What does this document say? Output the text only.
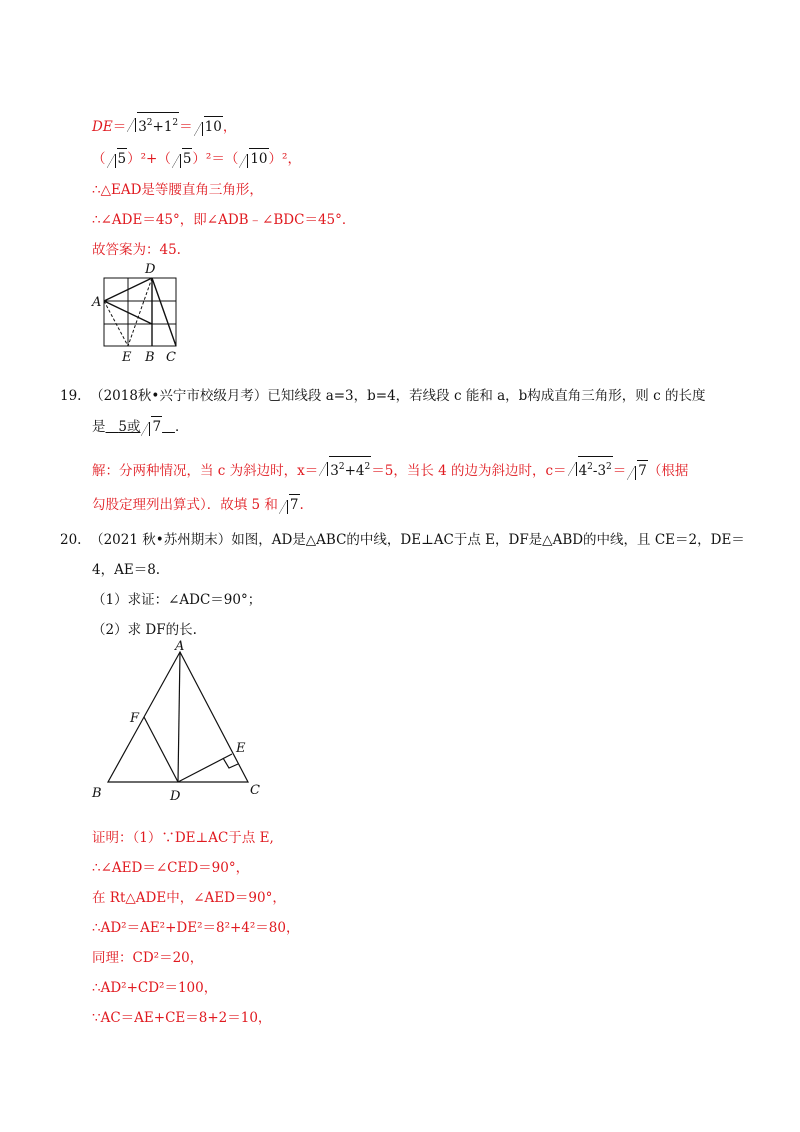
$DE= 3^2+1^2= 10$，
（ 5）²+（ 5）²＝（ 10）²，
∴△EAD是等腰直角三角形，
∴∠ADE＝45°，即∠ADB﹣∠BDC＝45°．
故答案为：45.
A
D
E B C
19. （2018秋•兴宁市校级月考）已知线段 a=3，b=4，若线段 c 能和 a，b构成直角三角形，则 c 的长度
是 5或 7 ．
解：分两种情况，当 c 为斜边时，$x= 3^2+4^2=5$，当长 4 的边为斜边时，$c= 4^2-3^2= 7$（根据
勾股定理列出算式）．故填 5 和 7.
20. （2021 秋•苏州期末）如图，AD是△ABC的中线，DE⊥AC于点 E，DF是△ABD的中线，且 CE＝2，DE＝
4，AE＝8.
（1）求证：∠ADC＝90°；
（2）求 DF的长.
A
F
E
B	D	C
证明：（1）∵DE⊥AC于点 E,
∴∠AED＝∠CED＝90°，
在 Rt△ADE中，∠AED＝90°，
∴AD²＝AE²+DE²＝8²+4²＝80，
同理：CD²＝20，
∴AD²+CD²＝100，
∵AC＝AE+CE＝8+2＝10，
